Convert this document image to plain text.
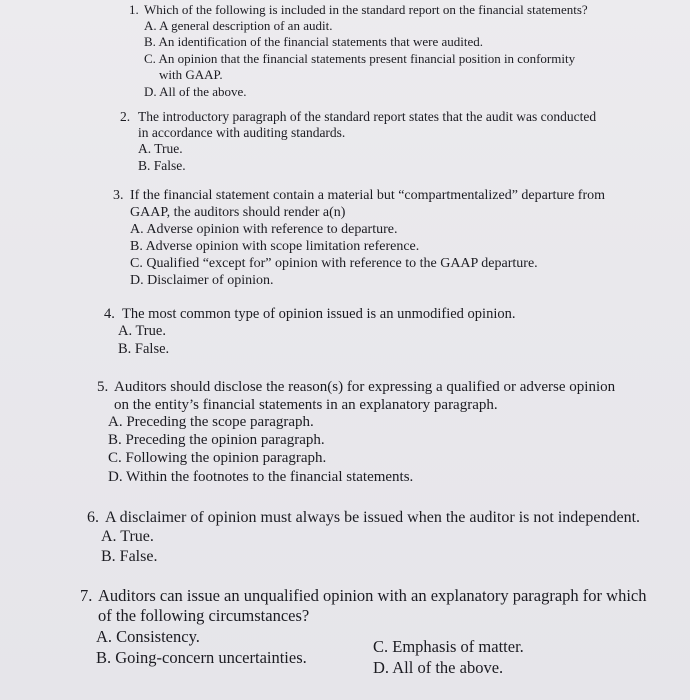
1. Which of the following is included in the standard report on the financial statements?
A. A general description of an audit.
B. An identification of the financial statements that were audited.
C. An opinion that the financial statements present financial position in conformity
with GAAP.
D. All of the above.
2. The introductory paragraph of the standard report states that the audit was conducted
in accordance with auditing standards.
A. True.
B. False.
3. If the financial statement contain a material but “compartmentalized” departure from
GAAP, the auditors should render a(n)
A. Adverse opinion with reference to departure.
B. Adverse opinion with scope limitation reference.
C. Qualified “except for” opinion with reference to the GAAP departure.
D. Disclaimer of opinion.
4. The most common type of opinion issued is an unmodified opinion.
A. True.
B. False.
5. Auditors should disclose the reason(s) for expressing a qualified or adverse opinion
on the entity’s financial statements in an explanatory paragraph.
A. Preceding the scope paragraph.
B. Preceding the opinion paragraph.
C. Following the opinion paragraph.
D. Within the footnotes to the financial statements.
6. A disclaimer of opinion must always be issued when the auditor is not independent.
A. True.
B. False.
7. Auditors can issue an unqualified opinion with an explanatory paragraph for which
of the following circumstances?
A. Consistency.
B. Going-concern uncertainties.
C. Emphasis of matter.
D. All of the above.
